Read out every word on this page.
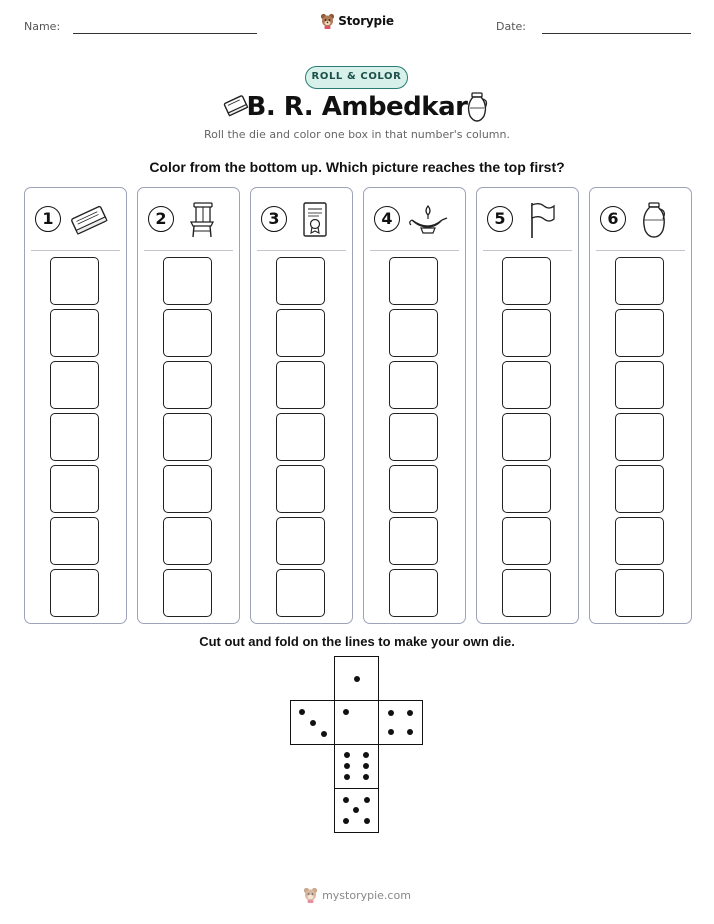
Name:	Date:
Storypie
ROLL & COLOR
B. R. Ambedkar
Roll the die and color one box in that number's column.
Color from the bottom up. Which picture reaches the top first?
1	2	3	4	5	6
Cut out and fold on the lines to make your own die.
mystorypie.com
